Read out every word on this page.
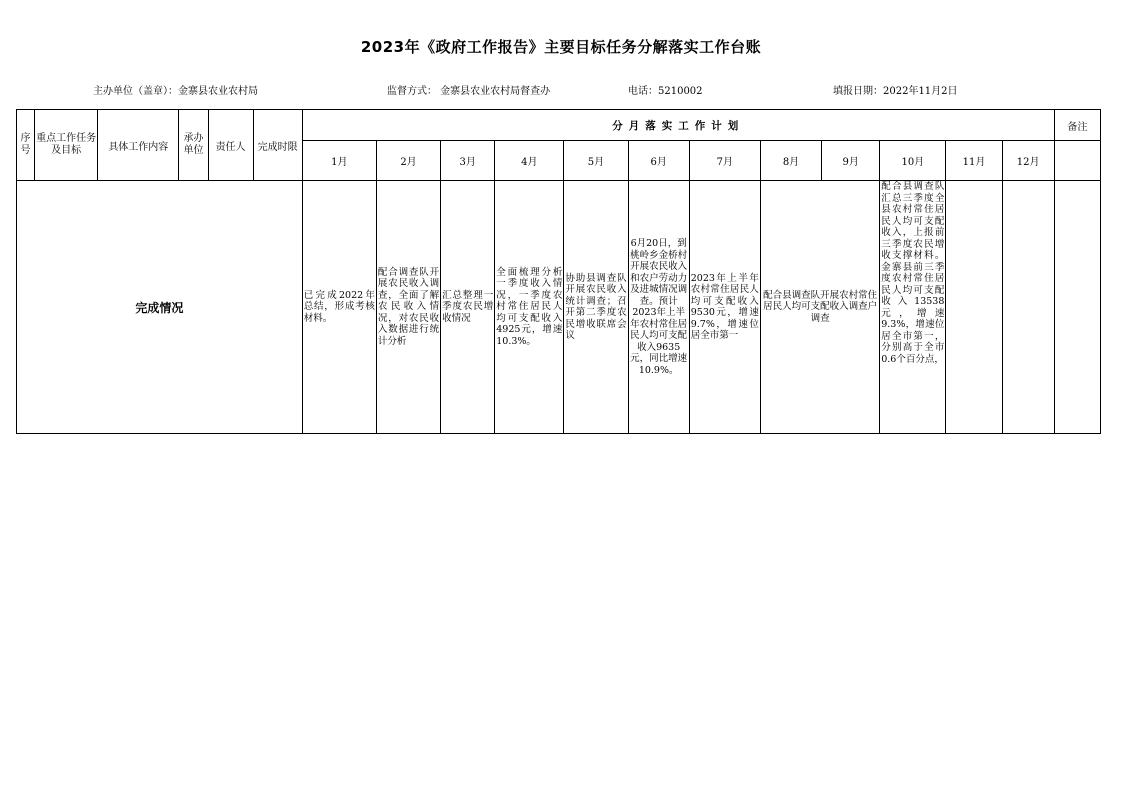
2023年《政府工作报告》主要目标任务分解落实工作台账
主办单位（盖章）：金寨县农业农村局	监督方式： 金寨县农业农村局督查办	电话：5210002	填报日期：2022年11月2日
序号	重点工作任务及目标	具体工作内容	承办单位	责任人	完成时限	分月落实工作计划												备注
						1月	2月	3月	4月	5月	6月	7月	8月	9月	10月	11月	12月	
完成情况						已完成2022年总结，形成考核材料。	配合调查队开展农民收入调查，全面了解农民收入情况，对农民收入数据进行统计分析	汇总整理一季度农民增收情况	全面梳理分析一季度收入情况，一季度农村常住居民人均可支配收入4925元，增速10.3%。	协助县调查队开展农民收入统计调查；召开第二季度农民增收联席会议	6月20日，到桃岭乡金桥村开展农民收入和农户劳动力及进城情况调查。预计2023年上半年农村常住居民人均可支配收入9635元，同比增速10.9%。	2023年上半年农村常住居民人均可支配收入9530元，增速9.7%，增速位居全市第一	配合县调查队开展农村常住居民人均可支配收入调查户调查		配合县调查队汇总三季度全县农村常住居民人均可支配收入，上报前三季度农民增收支撑材料。金寨县前三季度农村常住居民人均可支配收入13538元，增速9.3%，增速位居全市第一，分别高于全市0.6个百分点，			
